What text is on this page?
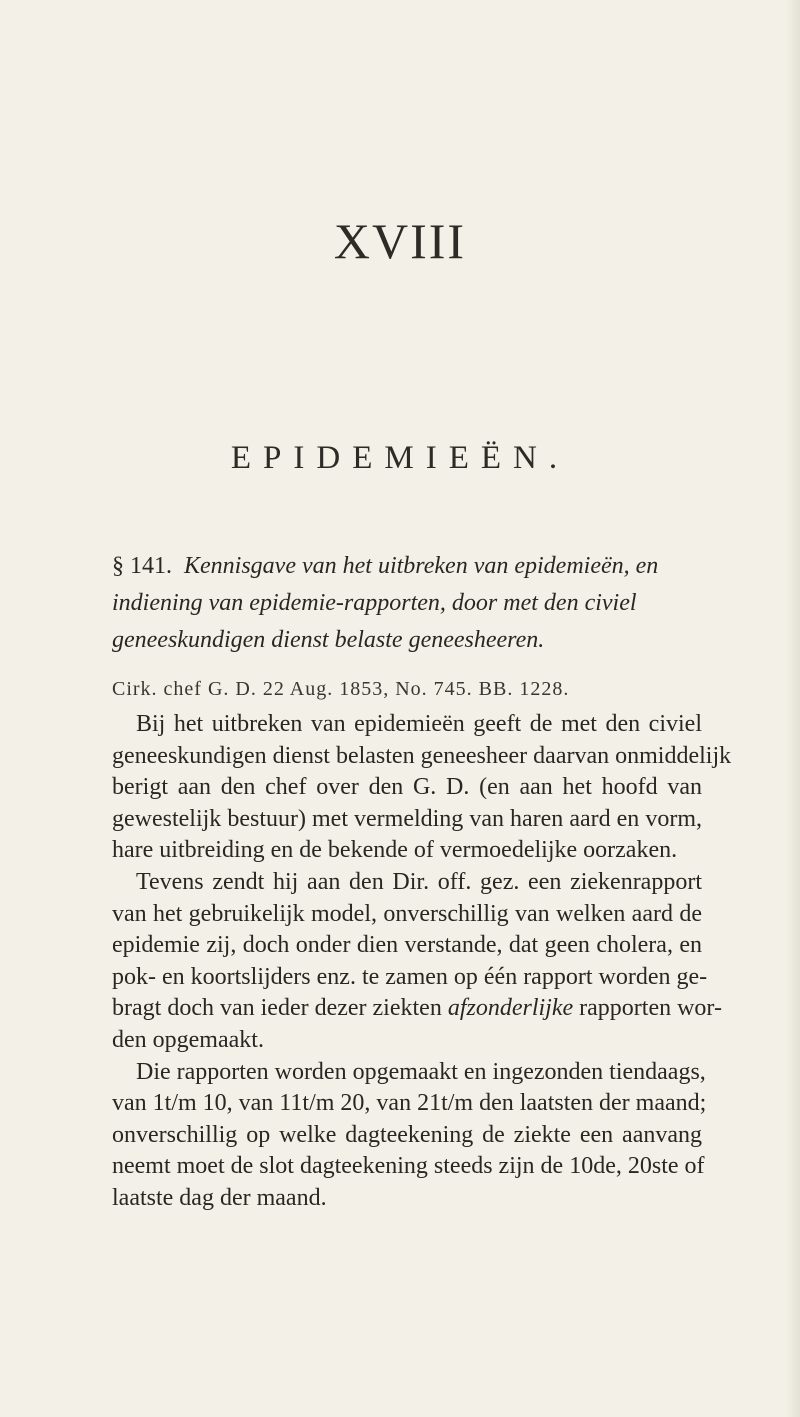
XVIII
EPIDEMIEËN.
§ 141. Kennisgave van het uitbreken van epidemieën, en
indiening van epidemie-rapporten, door met den civiel
geneeskundigen dienst belaste geneesheeren.
Cirk. chef G. D. 22 Aug. 1853, No. 745. BB. 1228.
Bij het uitbreken van epidemieën geeft de met den civiel
geneeskundigen dienst belasten geneesheer daarvan onmiddelijk
berigt aan den chef over den G. D. (en aan het hoofd van
gewestelijk bestuur) met vermelding van haren aard en vorm,
hare uitbreiding en de bekende of vermoedelijke oorzaken.
Tevens zendt hij aan den Dir. off. gez. een ziekenrapport
van het gebruikelijk model, onverschillig van welken aard de
epidemie zij, doch onder dien verstande, dat geen cholera, en
pok- en koortslijders enz. te zamen op één rapport worden ge-
bragt doch van ieder dezer ziekten afzonderlijke rapporten wor-
den opgemaakt.
Die rapporten worden opgemaakt en ingezonden tiendaags,
van 1t/m 10, van 11t/m 20, van 21t/m den laatsten der maand;
onverschillig op welke dagteekening de ziekte een aanvang
neemt moet de slot dagteekening steeds zijn de 10de, 20ste of
laatste dag der maand.
